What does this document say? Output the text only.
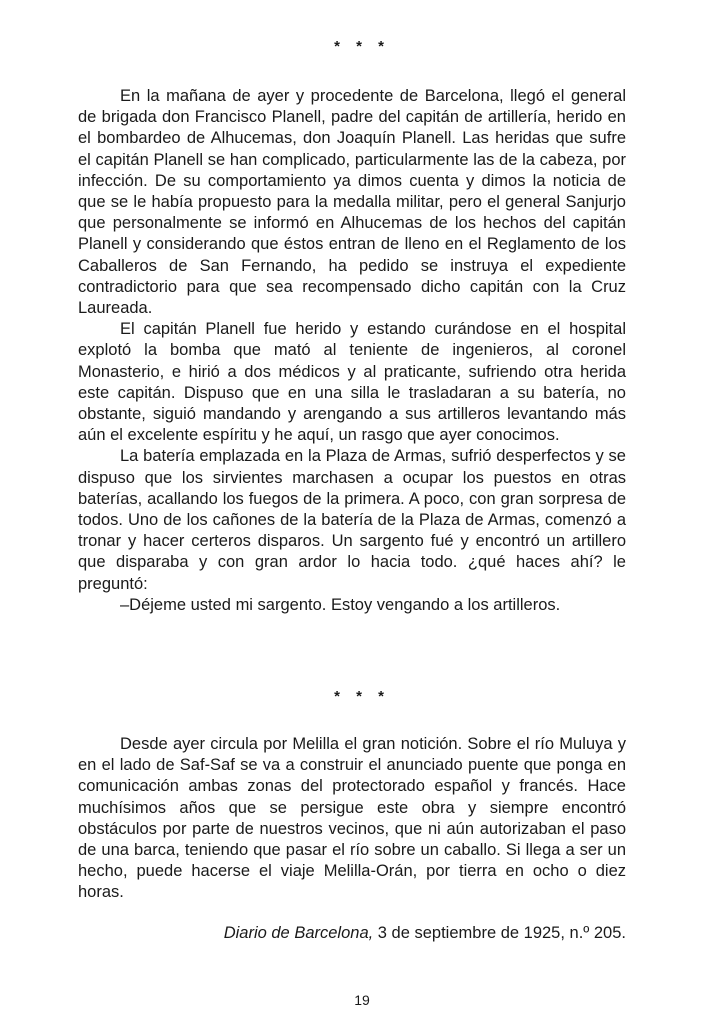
* * *

En la mañana de ayer y procedente de Barcelona, llegó el general de brigada don Francisco Planell, padre del capitán de artillería, herido en el bombardeo de Alhucemas, don Joaquín Planell. Las heridas que sufre el capitán Planell se han complicado, particularmente las de la cabeza, por infección. De su comportamiento ya dimos cuenta y dimos la noticia de que se le había propuesto para la medalla militar, pero el general Sanjurjo que personalmente se informó en Alhucemas de los hechos del capitán Planell y considerando que éstos entran de lleno en el Reglamento de los Caballeros de San Fernando, ha pedido se instruya el expediente contradictorio para que sea recompensado dicho capitán con la Cruz Laureada.

El capitán Planell fue herido y estando curándose en el hospital explotó la bomba que mató al teniente de ingenieros, al coronel Monasterio, e hirió a dos médicos y al praticante, sufriendo otra herida este capitán. Dispuso que en una silla le trasladaran a su batería, no obstante, siguió mandando y arengando a sus artilleros levantando más aún el excelente espíritu y he aquí, un rasgo que ayer conocimos.

La batería emplazada en la Plaza de Armas, sufrió desperfectos y se dispuso que los sirvientes marchasen a ocupar los puestos en otras baterías, acallando los fuegos de la primera. A poco, con gran sorpresa de todos. Uno de los cañones de la batería de la Plaza de Armas, comenzó a tronar y hacer certeros disparos. Un sargento fué y encontró un artillero que disparaba y con gran ardor lo hacia todo. ¿qué haces ahí? le preguntó:

–Déjeme usted mi sargento. Estoy vengando a los artilleros.

* * *

Desde ayer circula por Melilla el gran notición. Sobre el río Muluya y en el lado de Saf-Saf se va a construir el anunciado puente que ponga en comunicación ambas zonas del protectorado español y francés. Hace muchísimos años que se persigue este obra y siempre encontró obstáculos por parte de nuestros vecinos, que ni aún autorizaban el paso de una barca, teniendo que pasar el río sobre un caballo. Si llega a ser un hecho, puede hacerse el viaje Melilla-Orán, por tierra en ocho o diez horas.

Diario de Barcelona, 3 de septiembre de 1925, n.º 205.
19
